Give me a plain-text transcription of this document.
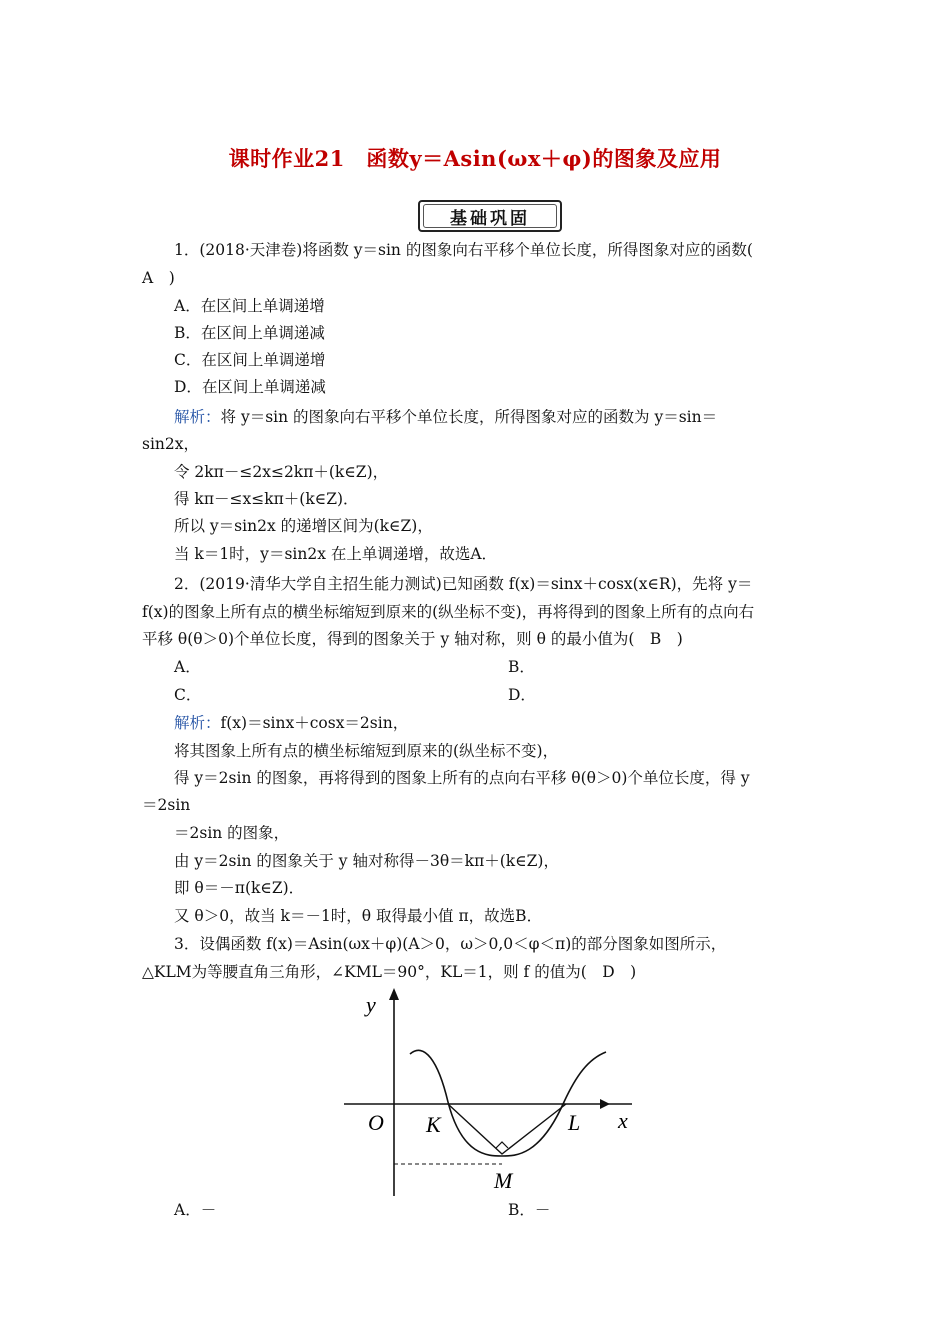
课时作业21　函数y＝Asin(ωx＋φ)的图象及应用
基础巩固
1．(2018·天津卷)将函数 y＝sin 的图象向右平移个单位长度，所得图象对应的函数(
A　)
A．在区间上单调递增
B．在区间上单调递减
C．在区间上单调递增
D．在区间上单调递减
解析：将 y＝sin 的图象向右平移个单位长度，所得图象对应的函数为 y＝sin＝
sin2x，
令 2kπ－≤2x≤2kπ＋(k∈Z)，
得 kπ－≤x≤kπ＋(k∈Z)．
所以 y＝sin2x 的递增区间为(k∈Z)，
当 k＝1时，y＝sin2x 在上单调递增，故选A．
2．(2019·清华大学自主招生能力测试)已知函数 f(x)＝sinx＋cosx(x∈R)，先将 y＝
f(x)的图象上所有点的横坐标缩短到原来的(纵坐标不变)，再将得到的图象上所有的点向右
平移 θ(θ＞0)个单位长度，得到的图象关于 y 轴对称，则 θ 的最小值为(　B　)
A．	B．
C．	D．
解析：f(x)＝sinx＋cosx＝2sin，
将其图象上所有点的横坐标缩短到原来的(纵坐标不变)，
得 y＝2sin 的图象，再将得到的图象上所有的点向右平移 θ(θ＞0)个单位长度，得 y
＝2sin
＝2sin 的图象，
由 y＝2sin 的图象关于 y 轴对称得－3θ＝kπ＋(k∈Z)，
即 θ＝－π(k∈Z)．
又 θ＞0，故当 k＝－1时，θ 取得最小值 π，故选B．
3．设偶函数 f(x)＝Asin(ωx＋φ)(A＞0，ω＞0,0＜φ＜π)的部分图象如图所示，
△KLM为等腰直角三角形，∠KML＝90°，KL＝1，则 f 的值为(　D　)
y
x
O K	L
M
A．－	B．－
